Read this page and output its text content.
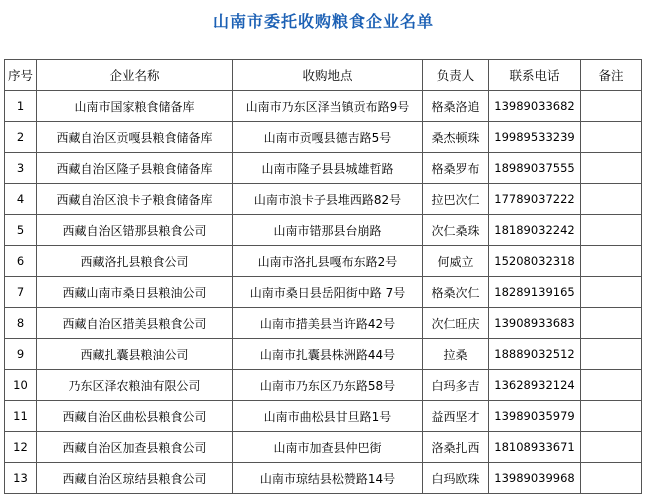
山南市委托收购粮食企业名单
序号	企业名称	收购地点	负责人	联系电话	备注
1	山南市国家粮食储备库	山南市乃东区泽当镇贡布路9号	格桑洛追	13989033682	
2	西藏自治区贡嘎县粮食储备库	山南市贡嘎县德吉路5号	桑杰顿珠	19989533239	
3	西藏自治区隆子县粮食储备库	山南市隆子县县城雄哲路	格桑罗布	18989037555	
4	西藏自治区浪卡子粮食储备库	山南市浪卡子县堆西路82号	拉巴次仁	17789037222	
5	西藏自治区错那县粮食公司	山南市错那县台崩路	次仁桑珠	18189032242	
6	西藏洛扎县粮食公司	山南市洛扎县嘎布东路2号	何威立	15208032318	
7	西藏山南市桑日县粮油公司	山南市桑日县岳阳街中路 7号	格桑次仁	18289139165	
8	西藏自治区措美县粮食公司	山南市措美县当许路42号	次仁旺庆	13908933683	
9	西藏扎囊县粮油公司	山南市扎囊县株洲路44号	拉桑	18889032512	
10	乃东区泽农粮油有限公司	山南市乃东区乃东路58号	白玛多吉	13628932124	
11	西藏自治区曲松县粮食公司	山南市曲松县甘旦路1号	益西坚才	13989035979	
12	西藏自治区加查县粮食公司	山南市加查县仲巴街	洛桑扎西	18108933671	
13	西藏自治区琼结县粮食公司	山南市琼结县松赞路14号	白玛欧珠	13989039968	
